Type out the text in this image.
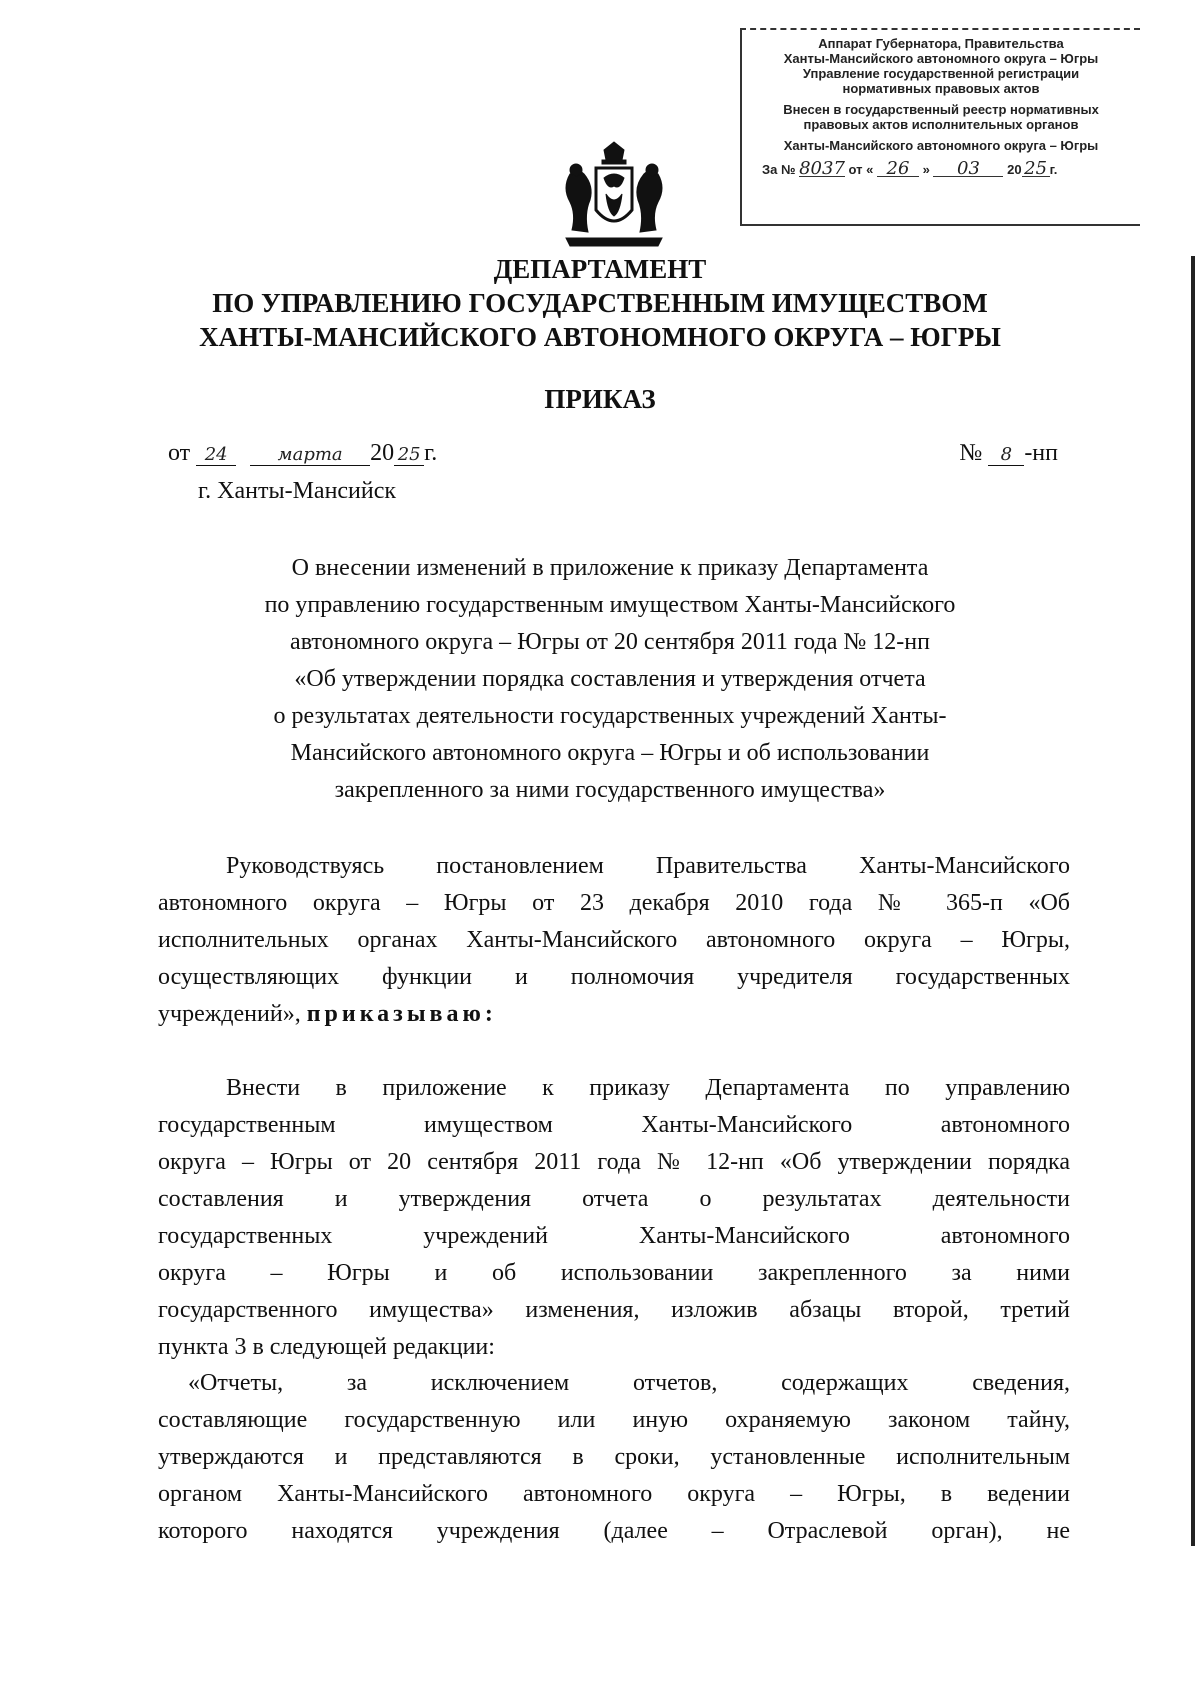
Аппарат Губернатора, Правительства
Ханты-Мансийского автономного округа – Югры
Управление государственной регистрации
нормативных правовых актов
Внесен в государственный реестр нормативных
правовых актов исполнительных органов
Ханты-Мансийского автономного округа – Югры
За № 8037 от « 26 » 03 20 25 г.
ДЕПАРТАМЕНТ
ПО УПРАВЛЕНИЮ ГОСУДАРСТВЕННЫМ ИМУЩЕСТВОМ
ХАНТЫ-МАНСИЙСКОГО АВТОНОМНОГО ОКРУГА – ЮГРЫ
ПРИКАЗ
от 24	марта 20 25 г.	№ 8 -нп
г. Ханты-Мансийск
О внесении изменений в приложение к приказу Департамента
по управлению государственным имуществом Ханты-Мансийского
автономного округа – Югры от 20 сентября 2011 года № 12-нп
«Об утверждении порядка составления и утверждения отчета
о результатах деятельности государственных учреждений Ханты-
Мансийского автономного округа – Югры и об использовании
закрепленного за ними государственного имущества»
Руководствуясь постановлением Правительства Ханты-Мансийского
автономного округа – Югры от 23 декабря 2010 года № 365-п «Об
исполнительных органах Ханты-Мансийского автономного округа – Югры,
осуществляющих функции и полномочия учредителя государственных
учреждений», приказываю:
Внести в приложение к приказу Департамента по управлению
государственным имуществом Ханты-Мансийского автономного
округа – Югры от 20 сентября 2011 года № 12-нп «Об утверждении порядка
составления и утверждения отчета о результатах деятельности
государственных учреждений Ханты-Мансийского автономного
округа – Югры и об использовании закрепленного за ними
государственного имущества» изменения, изложив абзацы второй, третий
пункта 3 в следующей редакции:
«Отчеты, за исключением отчетов, содержащих сведения,
составляющие государственную или иную охраняемую законом тайну,
утверждаются и представляются в сроки, установленные исполнительным
органом Ханты-Мансийского автономного округа – Югры, в ведении
которого находятся учреждения (далее – Отраслевой орган), не
